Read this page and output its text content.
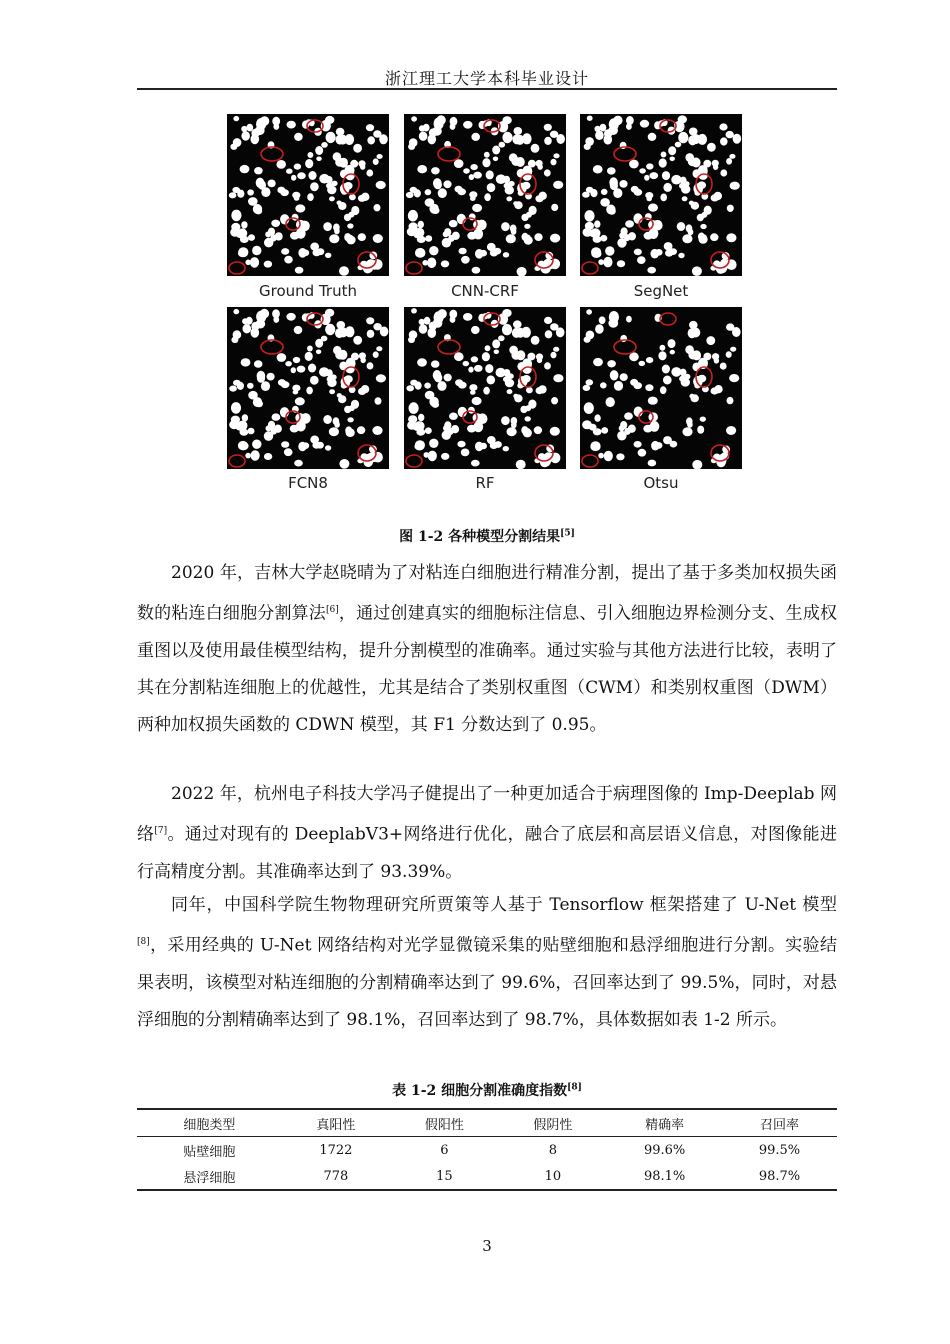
浙江理工大学本科毕业设计
Ground Truth	CNN-CRF	SegNet
FCN8	RF	Otsu
图 1-2 各种模型分割结果[5]

2020 年，吉林大学赵晓晴为了对粘连白细胞进行精准分割，提出了基于多类加权损失函数的粘连白细胞分割算法[6]，通过创建真实的细胞标注信息、引入细胞边界检测分支、生成权重图以及使用最佳模型结构，提升分割模型的准确率。通过实验与其他方法进行比较，表明了其在分割粘连细胞上的优越性，尤其是结合了类别权重图（CWM）和类别权重图（DWM）两种加权损失函数的 CDWN 模型，其 F1 分数达到了 0.95。

2022 年，杭州电子科技大学冯子健提出了一种更加适合于病理图像的 Imp-Deeplab 网络[7]。通过对现有的 DeeplabV3+网络进行优化，融合了底层和高层语义信息，对图像能进行高精度分割。其准确率达到了 93.39%。

同年，中国科学院生物物理研究所贾策等人基于 Tensorflow 框架搭建了 U-Net 模型[8]，采用经典的 U-Net 网络结构对光学显微镜采集的贴壁细胞和悬浮细胞进行分割。实验结果表明，该模型对粘连细胞的分割精确率达到了 99.6%，召回率达到了 99.5%，同时，对悬浮细胞的分割精确率达到了 98.1%，召回率达到了 98.7%，具体数据如表 1-2 所示。

表 1-2 细胞分割准确度指数[8]
细胞类型	真阳性	假阳性	假阴性	精确率	召回率
贴壁细胞	1722	6	8	99.6%	99.5%
悬浮细胞	778	15	10	98.1%	98.7%
3
